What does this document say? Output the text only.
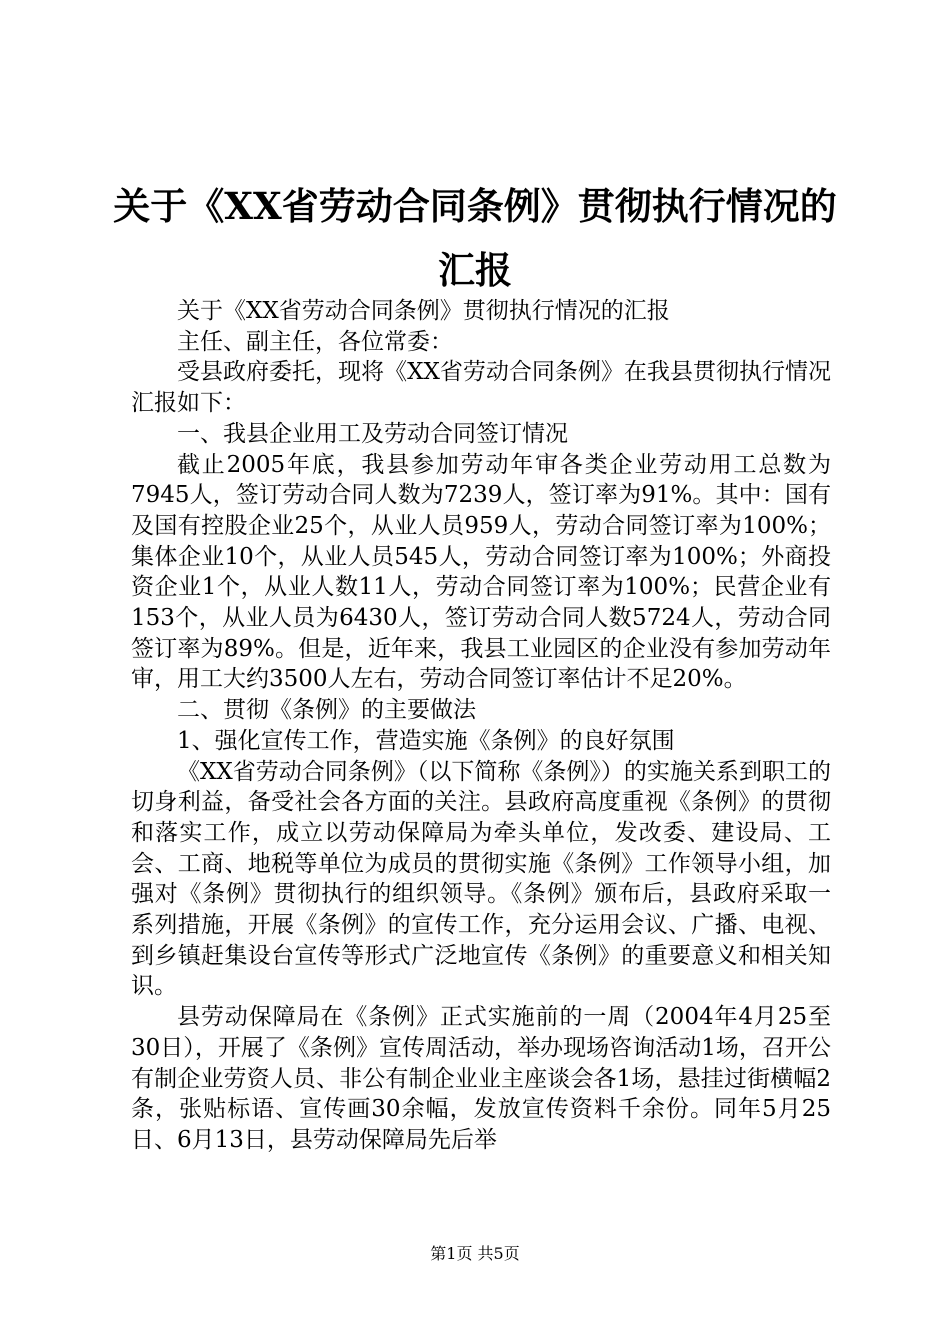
关于《XX省劳动合同条例》贯彻执行情况的
汇报

关于《XX省劳动合同条例》贯彻执行情况的汇报

主任、副主任，各位常委：

受县政府委托，现将《XX省劳动合同条例》在我县贯彻执行情况汇报如下：

一、我县企业用工及劳动合同签订情况

截止2005年底，我县参加劳动年审各类企业劳动用工总数为7945人，签订劳动合同人数为7239人，签订率为91%。其中：国有及国有控股企业25个，从业人员959人，劳动合同签订率为100%；集体企业10个，从业人员545人，劳动合同签订率为100%；外商投资企业1个，从业人数11人，劳动合同签订率为100%；民营企业有153个，从业人员为6430人，签订劳动合同人数5724人，劳动合同签订率为89%。但是，近年来，我县工业园区的企业没有参加劳动年审，用工大约3500人左右，劳动合同签订率估计不足20%。

二、贯彻《条例》的主要做法

1、强化宣传工作，营造实施《条例》的良好氛围

《XX省劳动合同条例》（以下简称《条例》）的实施关系到职工的切身利益，备受社会各方面的关注。县政府高度重视《条例》的贯彻和落实工作，成立以劳动保障局为牵头单位，发改委、建设局、工会、工商、地税等单位为成员的贯彻实施《条例》工作领导小组，加强对《条例》贯彻执行的组织领导。《条例》颁布后，县政府采取一系列措施，开展《条例》的宣传工作，充分运用会议、广播、电视、到乡镇赶集设台宣传等形式广泛地宣传《条例》的重要意义和相关知识。

县劳动保障局在《条例》正式实施前的一周（2004年4月25至30日），开展了《条例》宣传周活动，举办现场咨询活动1场，召开公有制企业劳资人员、非公有制企业业主座谈会各1场，悬挂过街横幅2条，张贴标语、宣传画30余幅，发放宣传资料千余份。同年5月25日、6月13日，县劳动保障局先后举

第1页 共5页
